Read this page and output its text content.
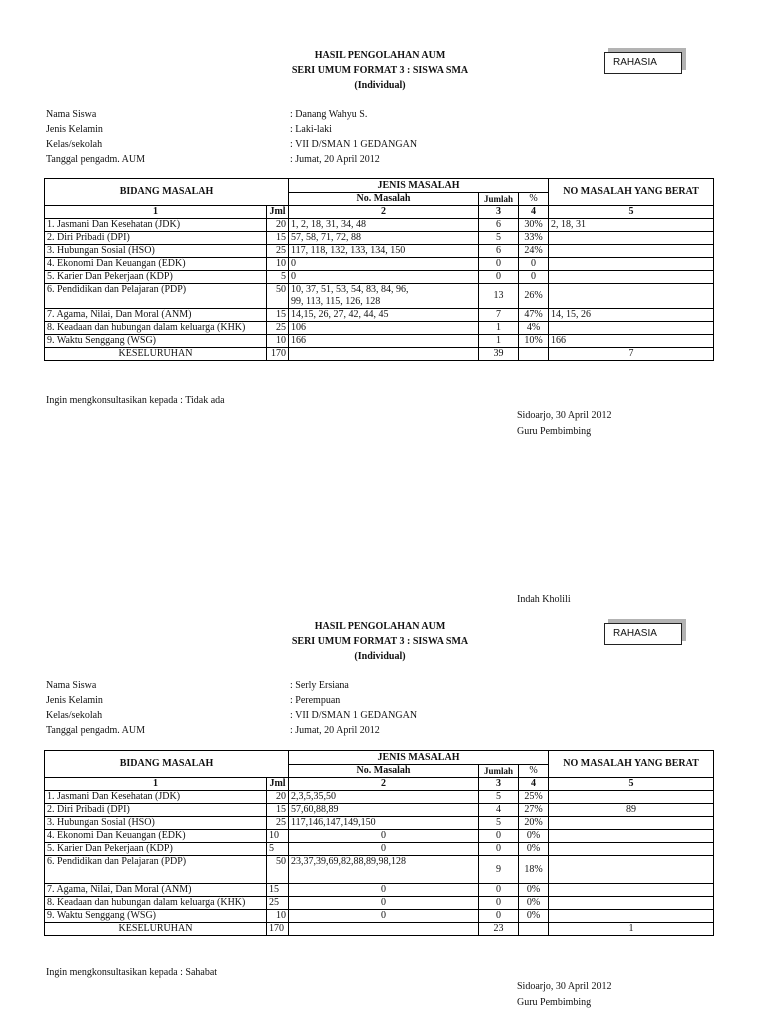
HASIL PENGOLAHAN AUM
SERI UMUM FORMAT 3 : SISWA SMA
(Individual)
RAHASIA
Nama Siswa	: Danang Wahyu S.
Jenis Kelamin	: Laki-laki
Kelas/sekolah	: VII D/SMAN 1 GEDANGAN
Tanggal pengadm. AUM	: Jumat, 20 April 2012
BIDANG MASALAH		JENIS MASALAH			NO MASALAH YANG BERAT
		No. Masalah	Jumlah	%	
1	Jml	2	3	4	5
1. Jasmani Dan Kesehatan (JDK)	20	1, 2, 18, 31, 34, 48	6	30%	2, 18, 31
2. Diri Pribadi (DPI)	15	57, 58, 71, 72, 88	5	33%	
3. Hubungan Sosial (HSO)	25	117, 118, 132, 133, 134, 150	6	24%	
4. Ekonomi Dan Keuangan (EDK)	10	0	0	0	
5. Karier Dan Pekerjaan (KDP)	5	0	0	0	
6. Pendidikan dan Pelajaran (PDP)	50	10, 37, 51, 53, 54, 83, 84, 96,
99, 113, 115, 126, 128	13	26%	
7. Agama, Nilai, Dan Moral (ANM)	15	14,15, 26, 27, 42, 44, 45	7	47%	14, 15, 26
8. Keadaan dan hubungan dalam keluarga (KHK)	25	106	1	4%	
9. Waktu Senggang (WSG)	10	166	1	10%	166
KESELURUHAN	170		39		7
Ingin mengkonsultasikan kepada : Tidak ada
Sidoarjo, 30 April 2012
Guru Pembimbing
Indah Kholili
HASIL PENGOLAHAN AUM
SERI UMUM FORMAT 3 : SISWA SMA
(Individual)
RAHASIA
Nama Siswa	: Serly Ersiana
Jenis Kelamin	: Perempuan
Kelas/sekolah	: VII D/SMAN 1 GEDANGAN
Tanggal pengadm. AUM	: Jumat, 20 April 2012
BIDANG MASALAH		JENIS MASALAH			NO MASALAH YANG BERAT
		No. Masalah	Jumlah	%	
1	Jml	2	3	4	5
1. Jasmani Dan Kesehatan (JDK)	20	2,3,5,35,50	5	25%	
2. Diri Pribadi (DPI)	15	57,60,88,89	4	27%	89
3. Hubungan Sosial (HSO)	25	117,146,147,149,150	5	20%	
4. Ekonomi Dan Keuangan (EDK)	10	0	0	0%	
5. Karier Dan Pekerjaan (KDP)	5	0	0	0%	
6. Pendidikan dan Pelajaran (PDP)	50	23,37,39,69,82,88,89,98,128	9	18%	
7. Agama, Nilai, Dan Moral (ANM)	15	0	0	0%	
8. Keadaan dan hubungan dalam keluarga (KHK)	25	0	0	0%	
9. Waktu Senggang (WSG)	10	0	0	0%	
KESELURUHAN	170		23		1
Ingin mengkonsultasikan kepada : Sahabat
Sidoarjo, 30 April 2012
Guru Pembimbing
